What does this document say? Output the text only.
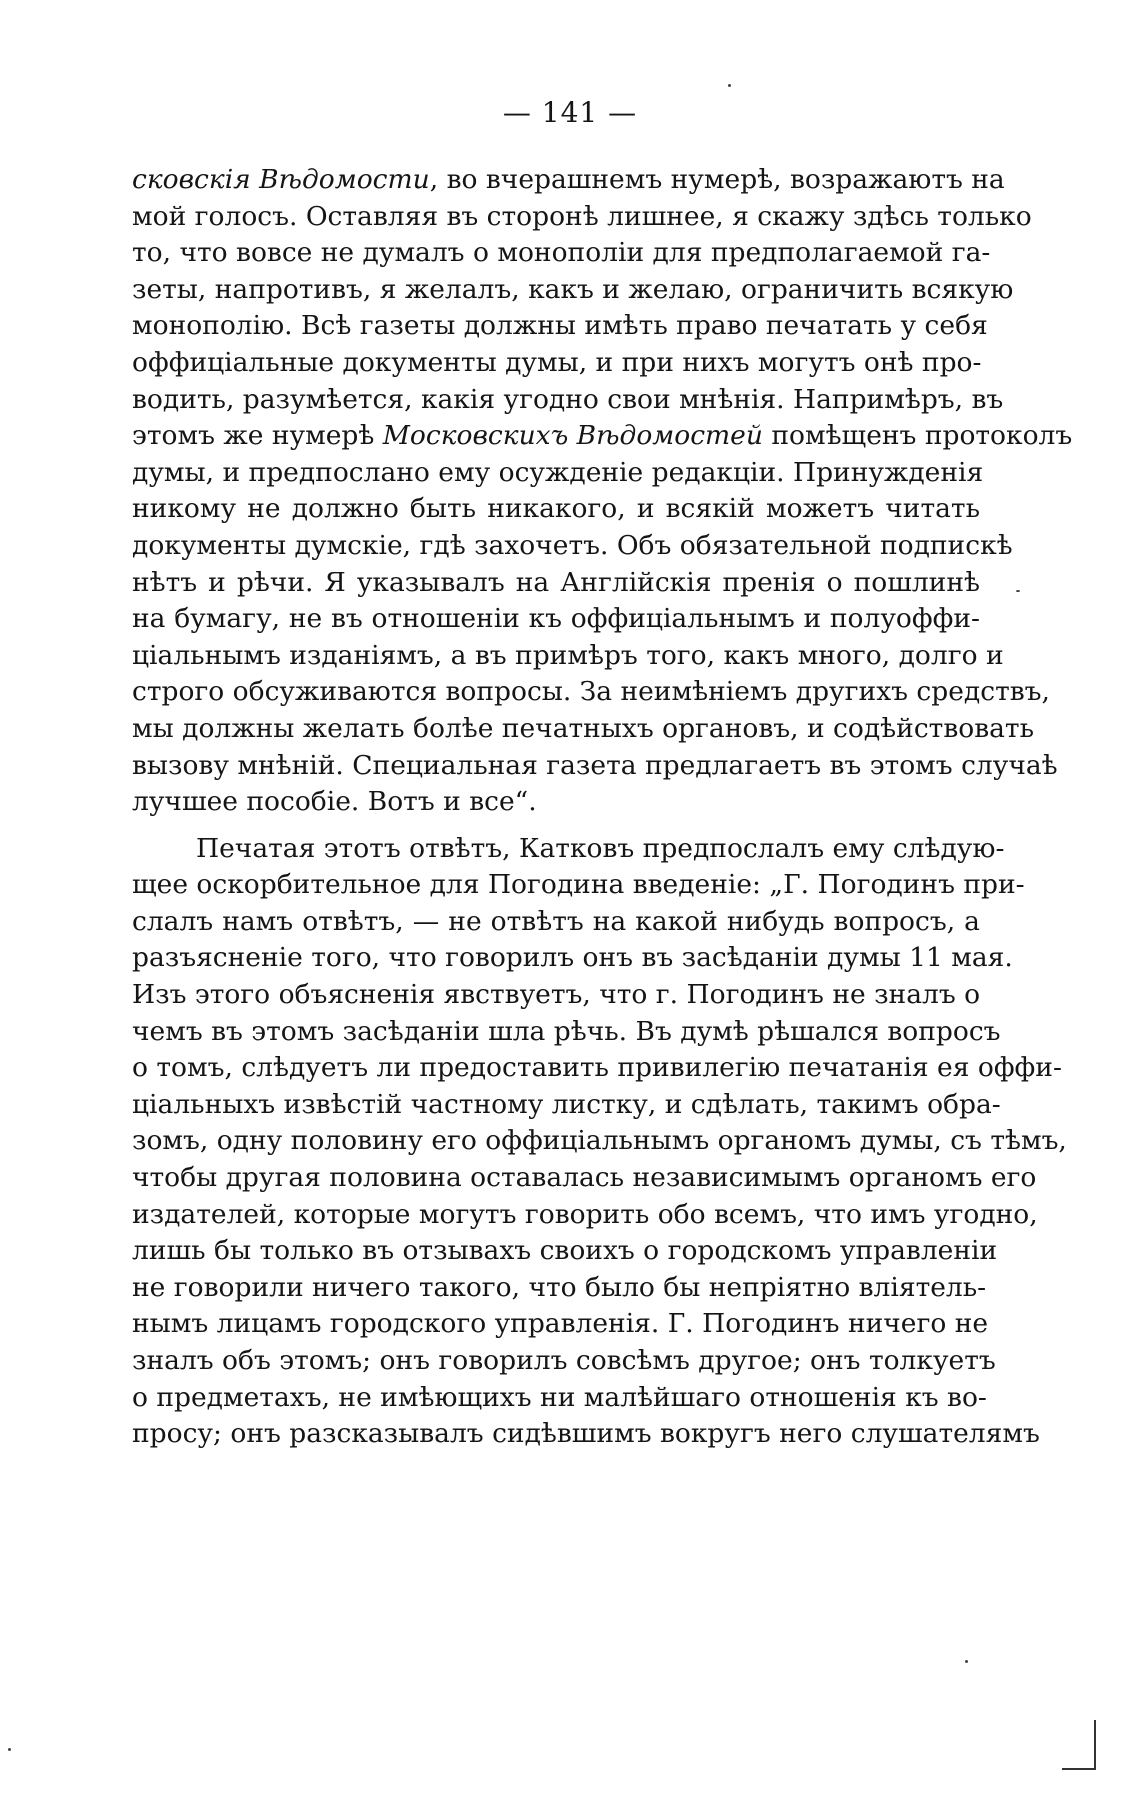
— 141 —
сковскія Вѣдомости, во вчерашнемъ нумерѣ, возражаютъ на
мой голосъ. Оставляя въ сторонѣ лишнее, я скажу здѣсь только
то, что вовсе не думалъ о монополіи для предполагаемой га-
зеты, напротивъ, я желалъ, какъ и желаю, ограничить всякую
монополію. Всѣ газеты должны имѣть право печатать у себя
оффиціальные документы думы, и при нихъ могутъ онѣ про-
водить, разумѣется, какія угодно свои мнѣнія. Напримѣръ, въ
этомъ же нумерѣ Московскихъ Вѣдомостей помѣщенъ протоколъ
думы, и предпослано ему осужденіе редакціи. Принужденія
никому не должно быть никакого, и всякій можетъ читать
документы думскіе, гдѣ захочетъ. Объ обязательной подпискѣ
нѣтъ и рѣчи. Я указывалъ на Англійскія пренія о пошлинѣ
на бумагу, не въ отношеніи къ оффиціальнымъ и полуоффи-
ціальнымъ изданіямъ, а въ примѣръ того, какъ много, долго и
строго обсуживаются вопросы. За неимѣніемъ другихъ средствъ,
мы должны желать болѣе печатныхъ органовъ, и содѣйствовать
вызову мнѣній. Специальная газета предлагаетъ въ этомъ случаѣ
лучшее пособіе. Вотъ и все“.
Печатая этотъ отвѣтъ, Катковъ предпослалъ ему слѣдую-
щее оскорбительное для Погодина введеніе: „Г. Погодинъ при-
слалъ намъ отвѣтъ, — не отвѣтъ на какой нибудь вопросъ, а
разъясненіе того, что говорилъ онъ въ засѣданіи думы 11 мая.
Изъ этого объясненія явствуетъ, что г. Погодинъ не зналъ о
чемъ въ этомъ засѣданіи шла рѣчь. Въ думѣ рѣшался вопросъ
о томъ, слѣдуетъ ли предоставить привилегію печатанія ея оффи-
ціальныхъ извѣстій частному листку, и сдѣлать, такимъ обра-
зомъ, одну половину его оффиціальнымъ органомъ думы, съ тѣмъ,
чтобы другая половина оставалась независимымъ органомъ его
издателей, которые могутъ говорить обо всемъ, что имъ угодно,
лишь бы только въ отзывахъ своихъ о городскомъ управленіи
не говорили ничего такого, что было бы непріятно вліятель-
нымъ лицамъ городского управленія. Г. Погодинъ ничего не
зналъ объ этомъ; онъ говорилъ совсѣмъ другое; онъ толкуетъ
о предметахъ, не имѣющихъ ни малѣйшаго отношенія къ во-
просу; онъ разсказывалъ сидѣвшимъ вокругъ него слушателямъ
